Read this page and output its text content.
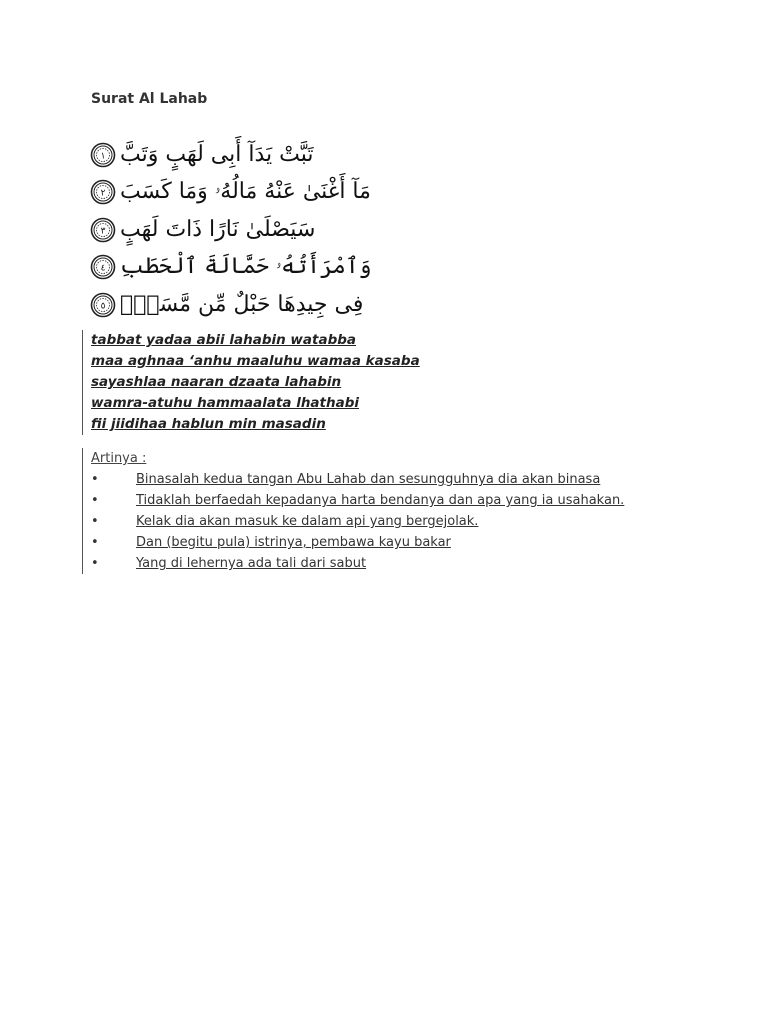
Surat Al Lahab
١ تَبَّتْ يَدَآ أَبِى لَهَبٍ وَتَبَّ
٢ مَآ أَغْنَىٰ عَنْهُ مَالُهُۥ وَمَا كَسَبَ
٣ سَيَصْلَىٰ نَارًا ذَاتَ لَهَبٍ
٤ وَٱمْرَأَتُهُۥ حَمَّالَةَ ٱلْحَطَبِ
٥ فِى جِيدِهَا حَبْلٌ مِّن مَّسَدٍۭ
tabbat yadaa abii lahabin watabba
maa aghnaa ‘anhu maaluhu wamaa kasaba
sayashlaa naaran dzaata lahabin
wamra-atuhu hammaalata lhathabi
fii jiidihaa hablun min masadin
Artinya :
•	Binasalah kedua tangan Abu Lahab dan sesungguhnya dia akan binasa
•	Tidaklah berfaedah kepadanya harta bendanya dan apa yang ia usahakan.
•	Kelak dia akan masuk ke dalam api yang bergejolak.
•	Dan (begitu pula) istrinya, pembawa kayu bakar
•	Yang di lehernya ada tali dari sabut
